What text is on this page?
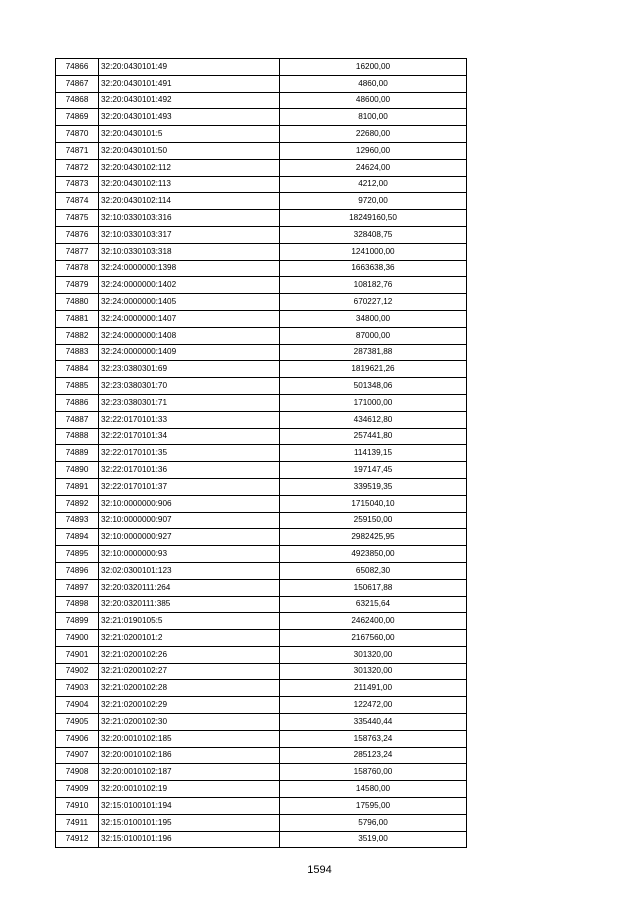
74866	32:20:0430101:49	16200,00
74867	32:20:0430101:491	4860,00
74868	32:20:0430101:492	48600,00
74869	32:20:0430101:493	8100,00
74870	32:20:0430101:5	22680,00
74871	32:20:0430101:50	12960,00
74872	32:20:0430102:112	24624,00
74873	32:20:0430102:113	4212,00
74874	32:20:0430102:114	9720,00
74875	32:10:0330103:316	18249160,50
74876	32:10:0330103:317	328408,75
74877	32:10:0330103:318	1241000,00
74878	32:24:0000000:1398	1663638,36
74879	32:24:0000000:1402	108182,76
74880	32:24:0000000:1405	670227,12
74881	32:24:0000000:1407	34800,00
74882	32:24:0000000:1408	87000,00
74883	32:24:0000000:1409	287381,88
74884	32:23:0380301:69	1819621,26
74885	32:23:0380301:70	501348,06
74886	32:23:0380301:71	171000,00
74887	32:22:0170101:33	434612,80
74888	32:22:0170101:34	257441,80
74889	32:22:0170101:35	114139,15
74890	32:22:0170101:36	197147,45
74891	32:22:0170101:37	339519,35
74892	32:10:0000000:906	1715040,10
74893	32:10:0000000:907	259150,00
74894	32:10:0000000:927	2982425,95
74895	32:10:0000000:93	4923850,00
74896	32:02:0300101:123	65082,30
74897	32:20:0320111:264	150617,88
74898	32:20:0320111:385	63215,64
74899	32:21:0190105:5	2462400,00
74900	32:21:0200101:2	2167560,00
74901	32:21:0200102:26	301320,00
74902	32:21:0200102:27	301320,00
74903	32:21:0200102:28	211491,00
74904	32:21:0200102:29	122472,00
74905	32:21:0200102:30	335440,44
74906	32:20:0010102:185	158763,24
74907	32:20:0010102:186	285123,24
74908	32:20:0010102:187	158760,00
74909	32:20:0010102:19	14580,00
74910	32:15:0100101:194	17595,00
74911	32:15:0100101:195	5796,00
74912	32:15:0100101:196	3519,00
1594
